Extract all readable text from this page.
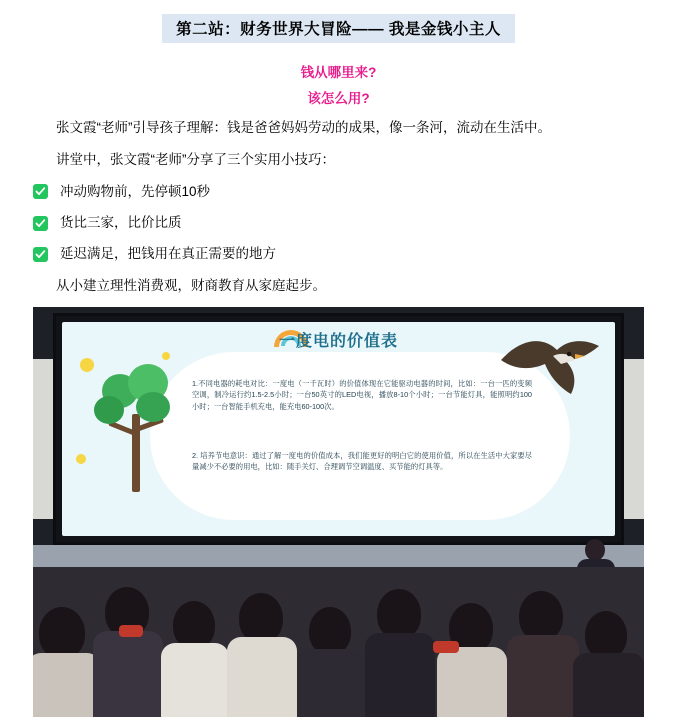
第二站：财务世界大冒险—— 我是金钱小主人
钱从哪里来?
该怎么用?

张文霞“老师”引导孩子理解：钱是爸爸妈妈劳动的成果，像一条河，流动在生活中。

讲堂中，张文霞“老师”分享了三个实用小技巧：

冲动购物前，先停顿10秒
货比三家，比价比质
延迟满足，把钱用在真正需要的地方

从小建立理性消费观，财商教育从家庭起步。

一度电的价值表
1.不同电器的耗电对比：一度电（一千瓦时）的价值体现在它能驱动电器的时间，比如：一台一匹的变频空调，制冷运行约1.5-2.5小时；一台50英寸的LED电视，播放8-10个小时；一台节能灯具，能照明约100小时；一台智能手机充电，能充电60-100次。
2. 培养节电意识：通过了解一度电的价值成本，我们能更好的明白它的使用价值，所以在生活中大家要尽量减少不必要的用电，比如：随手关灯、合理调节空调温度、买节能的灯具等。
